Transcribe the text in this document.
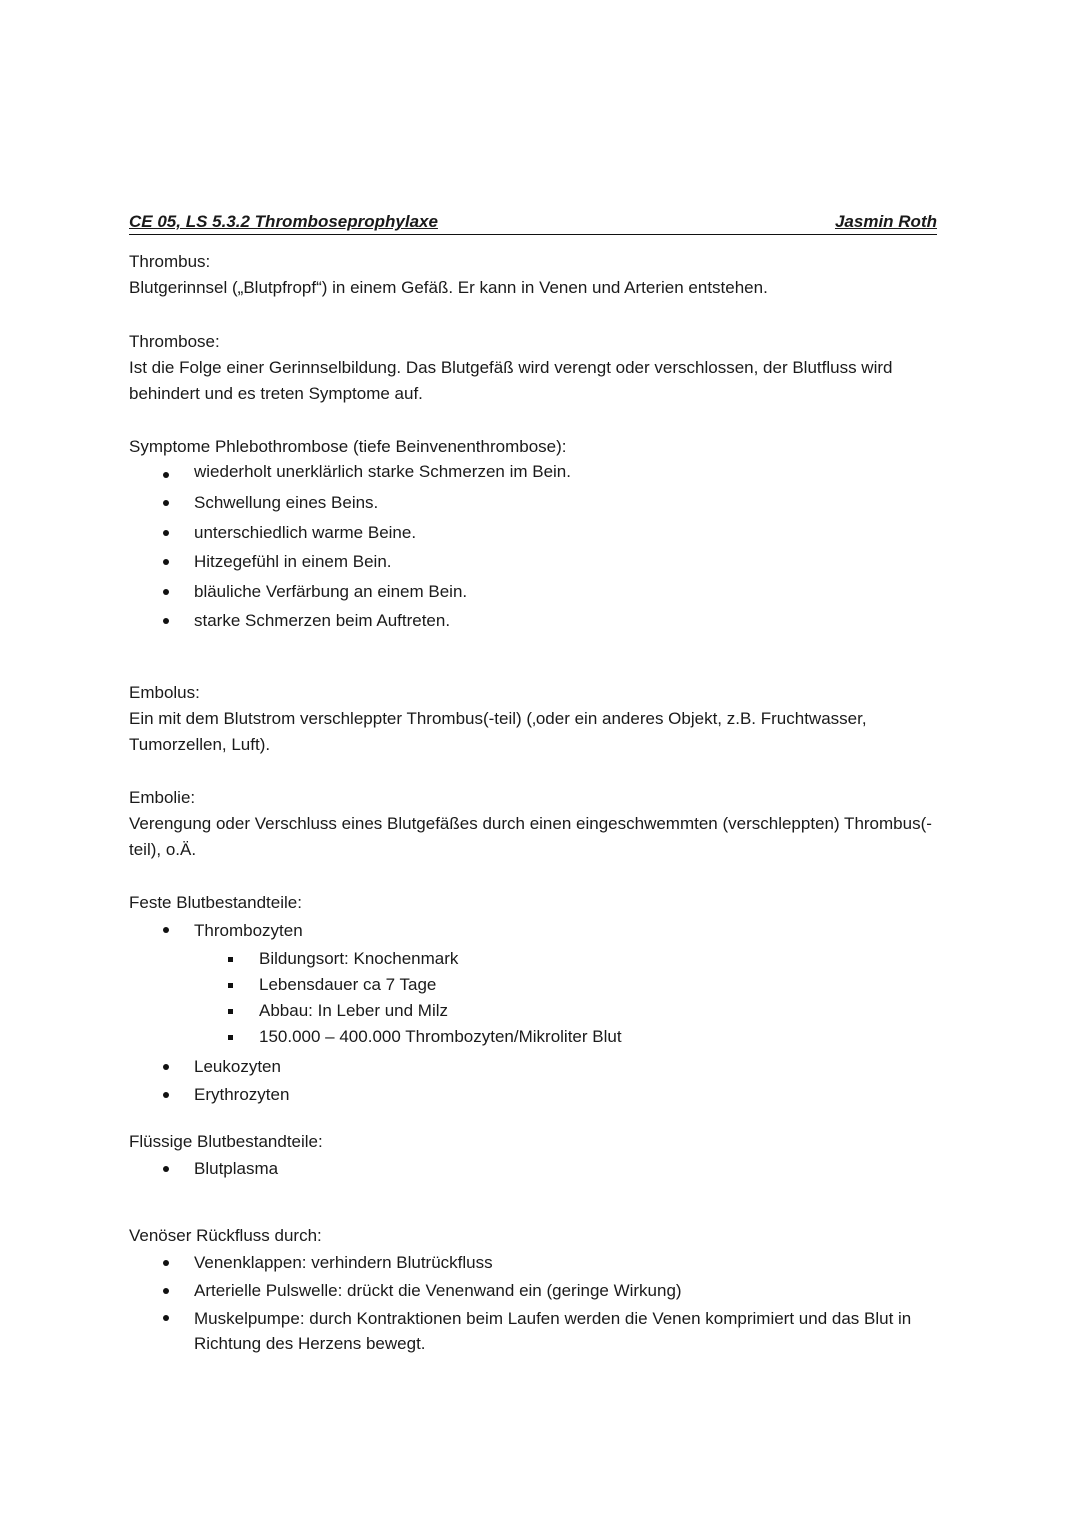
CE 05, LS 5.3.2 Thromboseprophylaxe	Jasmin Roth

Thrombus:

Blutgerinnsel („Blutpfropf“) in einem Gefäß. Er kann in Venen und Arterien entstehen.

Thrombose:

Ist die Folge einer Gerinnselbildung. Das Blutgefäß wird verengt oder verschlossen, der Blutfluss wird behindert und es treten Symptome auf.

Symptome Phlebothrombose (tiefe Beinvenenthrombose):

wiederholt unerklärlich starke Schmerzen im Bein.
Schwellung eines Beins.
unterschiedlich warme Beine.
Hitzegefühl in einem Bein.
bläuliche Verfärbung an einem Bein.
starke Schmerzen beim Auftreten.

Embolus:

Ein mit dem Blutstrom verschleppter Thrombus(-teil) (‚oder ein anderes Objekt, z.B. Fruchtwasser, Tumorzellen, Luft).

Embolie:

Verengung oder Verschluss eines Blutgefäßes durch einen eingeschwemmten (verschleppten) Thrombus(-teil), o.Ä.

Feste Blutbestandteile:

Thrombozyten
Bildungsort: Knochenmark
Lebensdauer ca 7 Tage
Abbau: In Leber und Milz
150.000 – 400.000 Thrombozyten/Mikroliter Blut
Leukozyten
Erythrozyten

Flüssige Blutbestandteile:

Blutplasma

Venöser Rückfluss durch:

Venenklappen: verhindern Blutrückfluss
Arterielle Pulswelle: drückt die Venenwand ein (geringe Wirkung)
Muskelpumpe: durch Kontraktionen beim Laufen werden die Venen komprimiert und das Blut in Richtung des Herzens bewegt.
